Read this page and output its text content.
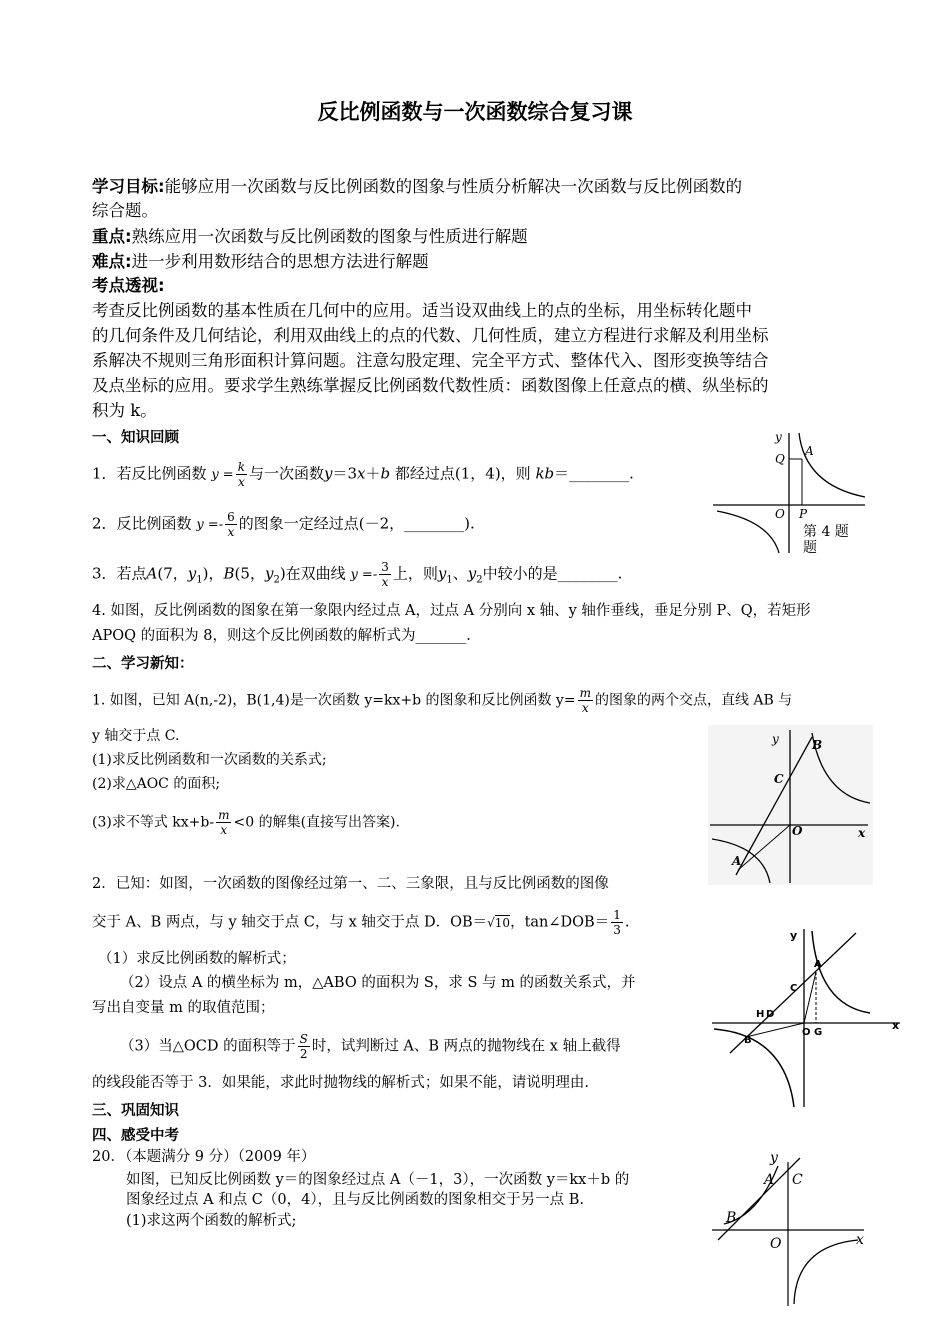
反比例函数与一次函数综合复习课
学习目标:能够应用一次函数与反比例函数的图象与性质分析解决一次函数与反比例函数的
综合题。
重点:熟练应用一次函数与反比例函数的图象与性质进行解题
难点:进一步利用数形结合的思想方法进行解题
考点透视:
考查反比例函数的基本性质在几何中的应用。适当设双曲线上的点的坐标，用坐标转化题中
的几何条件及几何结论，利用双曲线上的点的代数、几何性质，建立方程进行求解及利用坐标
系解决不规则三角形面积计算问题。注意勾股定理、完全平方式、整体代入、图形变换等结合
及点坐标的应用。要求学生熟练掌握反比例函数代数性质：函数图像上任意点的横、纵坐标的
积为 k。
一、知识回顾
1．若反比例函数 $y = \frac{k}{x}$ 与一次函数y＝3x＋b 都经过点(1，4)，则 kb＝________.
2．反比例函数 $y =- \frac{6}{x}$ 的图象一定经过点(－2，________).
3．若点A(7，$y_1$)，B(5，$y_2$)在双曲线 $y =- \frac{3}{x}$ 上，则$y_1$、$y_2$中较小的是________.
4. 如图，反比例函数的图象在第一象限内经过点 A，过点 A 分别向 x 轴、y 轴作垂线，垂足分别 P、Q，若矩形
APOQ 的面积为 8，则这个反比例函数的解析式为_______.
y
Q
A
O P
第 4 题
题
二、学习新知：
1. 如图，已知 A(n,-2)，B(1,4)是一次函数 y=kx+b 的图象和反比例函数 $y= \frac{m}{x}$ 的图象的两个交点，直线 AB 与
y 轴交于点 C.
(1)求反比例函数和一次函数的关系式;
(2)求△AOC 的面积;
(3)求不等式 $kx+b- \frac{m}{x} <0$ 的解集(直接写出答案).
y	B
C
O	x
A
2．已知：如图，一次函数的图像经过第一、二、三象限，且与反比例函数的图像
交于 A、B 两点，与 y 轴交于点 C，与 x 轴交于点 D．OB＝√10，tan∠DOB＝ $\frac{1}{3}$ .
（1）求反比例函数的解析式；
（2）设点 A 的横坐标为 m，△ABO 的面积为 S，求 S 与 m 的函数关系式，并
写出自变量 m 的取值范围；
（3）当△OCD 的面积等于 $\frac{S}{2}$ 时，试判断过 A、B 两点的抛物线在 x 轴上截得
的线段能否等于 3．如果能，求此时抛物线的解析式；如果不能，请说明理由.
y
A
C
H D
O G
x
B
三、巩固知识
四、感受中考
20．（本题满分 9 分）（2009 年）
如图，已知反比例函数 y＝的图象经过点 A（－1，3），一次函数 y＝kx＋b 的
图象经过点 A 和点 C（0，4），且与反比例函数的图象相交于另一点 B.
(1)求这两个函数的解析式;
y
A C
B
O	x
